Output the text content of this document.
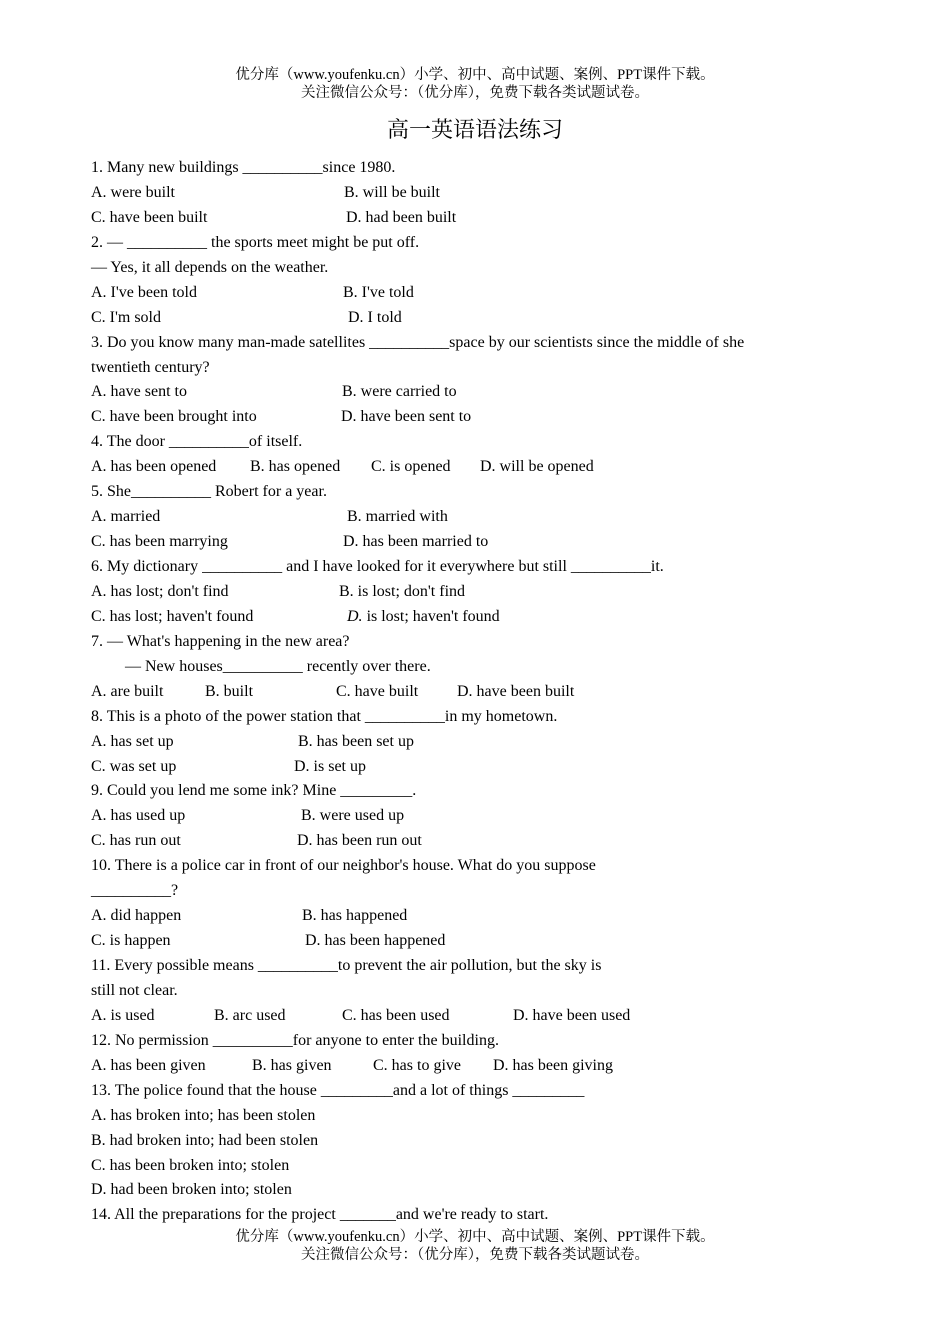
优分库（www.youfenku.cn）小学、初中、高中试题、案例、PPT课件下载。
关注微信公众号：（优分库），免费下载各类试题试卷。
高一英语语法练习
1. Many new buildings __________since 1980.
A. were built	B. will be built
C. have been built	D. had been built
2. — __________ the sports meet might be put off.
— Yes, it all depends on the weather.
A. I've been told	B. I've told
C. I'm sold	D. I told
3. Do you know many man-made satellites __________space by our scientists since the middle of she
twentieth century?
A. have sent to	B. were carried to
C. have been brought into	D. have been sent to
4. The door __________of itself.
A. has been opened B. has opened C. is opened D. will be opened
5. She__________ Robert for a year.
A. married	B. married with
C. has been marrying	D. has been married to
6. My dictionary __________ and I have looked for it everywhere but still __________it.
A. has lost; don't find	B. is lost; don't find
C. has lost; haven't found	D. is lost; haven't found
7. — What's happening in the new area?
— New houses__________ recently over there.
A. are built	B. built	C. have built D. have been built
8. This is a photo of the power station that __________in my hometown.
A. has set up	B. has been set up
C. was set up	D. is set up
9. Could you lend me some ink? Mine _________.
A. has used up	B. were used up
C. has run out	D. has been run out
10. There is a police car in front of our neighbor's house. What do you suppose
__________?
A. did happen	B. has happened
C. is happen	D. has been happened
11. Every possible means __________to prevent the air pollution, but the sky is
still not clear.
A. is used	B. arc used	C. has been used	D. have been used
12. No permission __________for anyone to enter the building.
A. has been given	B. has given	C. has to give D. has been giving
13. The police found that the house _________and a lot of things _________
A. has broken into; has been stolen
B. had broken into; had been stolen
C. has been broken into; stolen
D. had been broken into; stolen
14. All the preparations for the project _______and we're ready to start.
优分库（www.youfenku.cn）小学、初中、高中试题、案例、PPT课件下载。
关注微信公众号：（优分库），免费下载各类试题试卷。
